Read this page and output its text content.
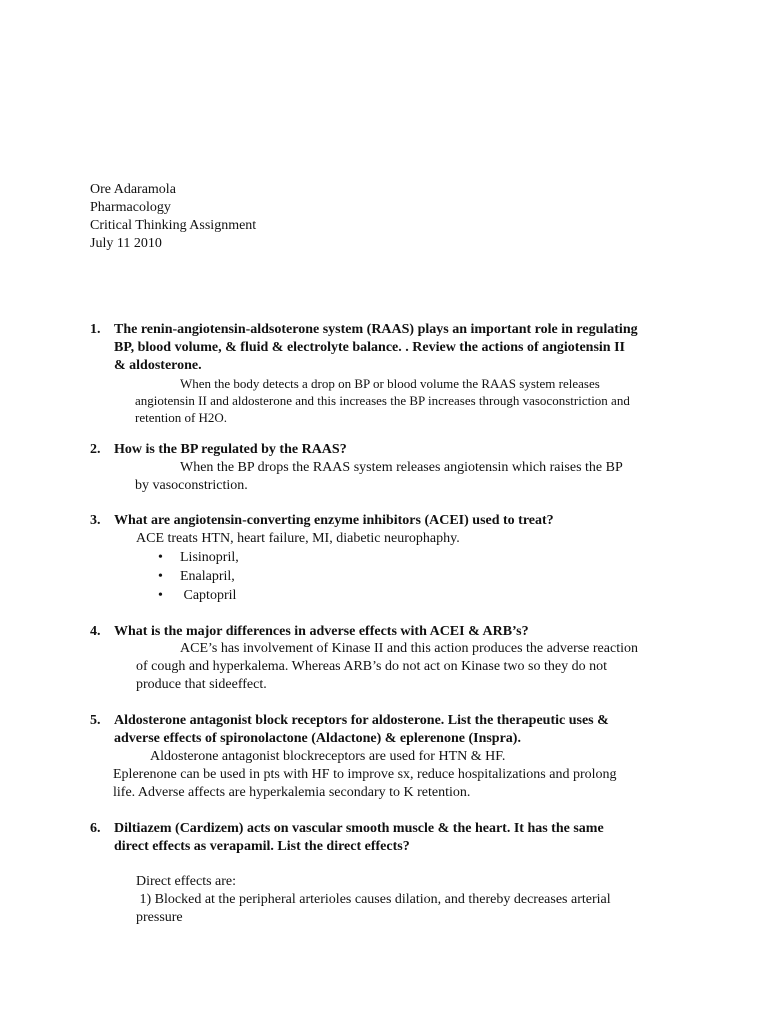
Ore Adaramola
Pharmacology
Critical Thinking Assignment
July 11 2010
1. The renin-angiotensin-aldsoterone system (RAAS) plays an important role in regulating
BP, blood volume, & fluid & electrolyte balance. . Review the actions of angiotensin II
& aldosterone.
When the body detects a drop on BP or blood volume the RAAS system releases
angiotensin II and aldosterone and this increases the BP increases through vasoconstriction and
retention of H2O.
2. How is the BP regulated by the RAAS?
When the BP drops the RAAS system releases angiotensin which raises the BP
by vasoconstriction.
3. What are angiotensin-converting enzyme inhibitors (ACEI) used to treat?
ACE treats HTN, heart failure, MI, diabetic neurophaphy.
• Lisinopril,
• Enalapril,
• Captopril
4. What is the major differences in adverse effects with ACEI & ARB’s?
ACE’s has involvement of Kinase II and this action produces the adverse reaction
of cough and hyperkalema. Whereas ARB’s do not act on Kinase two so they do not
produce that sideeffect.
5. Aldosterone antagonist block receptors for aldosterone. List the therapeutic uses &
adverse effects of spironolactone (Aldactone) & eplerenone (Inspra).
Aldosterone antagonist blockreceptors are used for HTN & HF.
Eplerenone can be used in pts with HF to improve sx, reduce hospitalizations and prolong
life. Adverse affects are hyperkalemia secondary to K retention.
6. Diltiazem (Cardizem) acts on vascular smooth muscle & the heart. It has the same
direct effects as verapamil. List the direct effects?
Direct effects are:
1) Blocked at the peripheral arterioles causes dilation, and thereby decreases arterial
pressure
